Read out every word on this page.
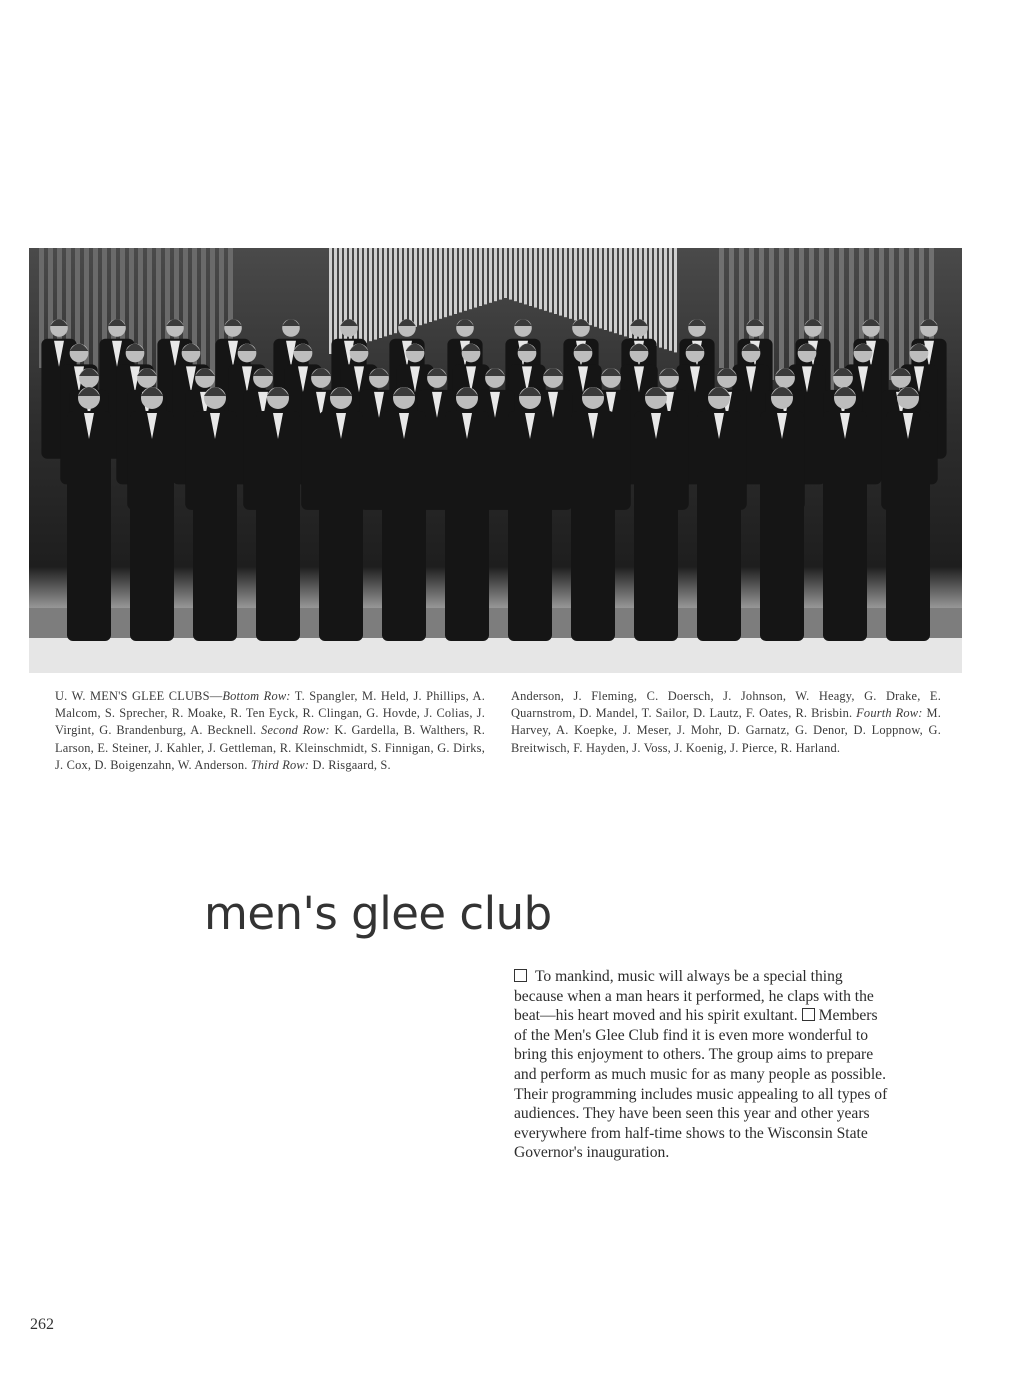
U. W. MEN'S GLEE CLUBS—Bottom Row: T. Spangler, M. Held, J. Phillips, A. Malcom, S. Sprecher, R. Moake, R. Ten Eyck, R. Clingan, G. Hovde, J. Colias, J. Virgint, G. Brandenburg, A. Becknell. Second Row: K. Gardella, B. Walthers, R. Larson, E. Steiner, J. Kahler, J. Gettleman, R. Kleinschmidt, S. Finnigan, G. Dirks, J. Cox, D. Boigenzahn, W. Anderson. Third Row: D. Risgaard, S.
Anderson, J. Fleming, C. Doersch, J. Johnson, W. Heagy, G. Drake, E. Quarnstrom, D. Mandel, T. Sailor, D. Lautz, F. Oates, R. Brisbin. Fourth Row: M. Harvey, A. Koepke, J. Meser, J. Mohr, D. Garnatz, G. Denor, D. Loppnow, G. Breitwisch, F. Hayden, J. Voss, J. Koenig, J. Pierce, R. Harland.
men's glee club
To mankind, music will always be a special thing because when a man hears it performed, he claps with the beat—his heart moved and his spirit exultant. Members of the Men's Glee Club find it is even more wonderful to bring this enjoyment to others. The group aims to prepare and perform as much music for as many people as possible. Their programming includes music appealing to all types of audiences. They have been seen this year and other years everywhere from half-time shows to the Wisconsin State Governor's inauguration.
262
